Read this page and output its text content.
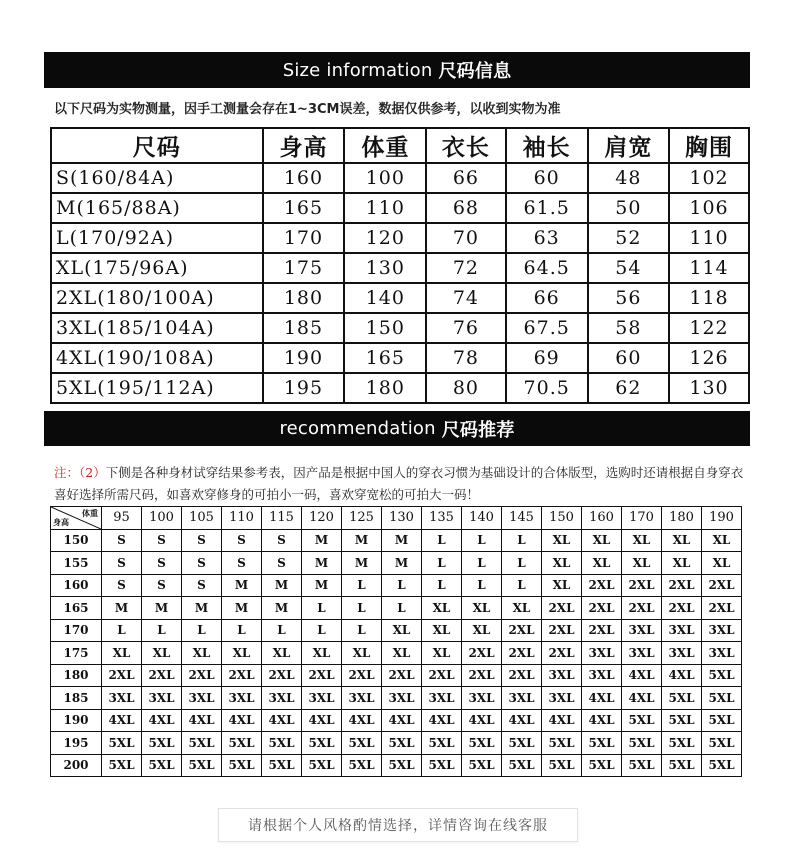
Size information 尺码信息
以下尺码为实物测量，因手工测量会存在1~3CM误差，数据仅供参考，以收到实物为准
尺码	身高	体重	衣长	袖长	肩宽	胸围
S(160/84A)	160	100	66	60	48	102
M(165/88A)	165	110	68	61.5	50	106
L(170/92A)	170	120	70	63	52	110
XL(175/96A)	175	130	72	64.5	54	114
2XL(180/100A)	180	140	74	66	56	118
3XL(185/104A)	185	150	76	67.5	58	122
4XL(190/108A)	190	165	78	69	60	126
5XL(195/112A)	195	180	80	70.5	62	130
recommendation 尺码推荐
注：（2）下侧是各种身材试穿结果参考表，因产品是根据中国人的穿衣习惯为基础设计的合体版型，选购时还请根据自身穿衣喜好选择所需尺码，如喜欢穿修身的可拍小一码，喜欢穿宽松的可拍大一码！
体重
身高	95	100	105	110	115	120	125	130	135	140	145	150	160	170	180	190
150	S	S	S	S	S	M	M	M	L	L	L	XL	XL	XL	XL	XL
155	S	S	S	S	S	M	M	M	L	L	L	XL	XL	XL	XL	XL
160	S	S	S	M	M	M	L	L	L	L	L	XL	2XL	2XL	2XL	2XL
165	M	M	M	M	M	L	L	L	XL	XL	XL	2XL	2XL	2XL	2XL	2XL
170	L	L	L	L	L	L	L	XL	XL	XL	2XL	2XL	2XL	3XL	3XL	3XL
175	XL	XL	XL	XL	XL	XL	XL	XL	XL	2XL	2XL	2XL	3XL	3XL	3XL	3XL
180	2XL	2XL	2XL	2XL	2XL	2XL	2XL	2XL	2XL	2XL	2XL	3XL	3XL	4XL	4XL	5XL
185	3XL	3XL	3XL	3XL	3XL	3XL	3XL	3XL	3XL	3XL	3XL	3XL	4XL	4XL	5XL	5XL
190	4XL	4XL	4XL	4XL	4XL	4XL	4XL	4XL	4XL	4XL	4XL	4XL	4XL	5XL	5XL	5XL
195	5XL	5XL	5XL	5XL	5XL	5XL	5XL	5XL	5XL	5XL	5XL	5XL	5XL	5XL	5XL	5XL
200	5XL	5XL	5XL	5XL	5XL	5XL	5XL	5XL	5XL	5XL	5XL	5XL	5XL	5XL	5XL	5XL
请根据个人风格酌情选择，详情咨询在线客服
